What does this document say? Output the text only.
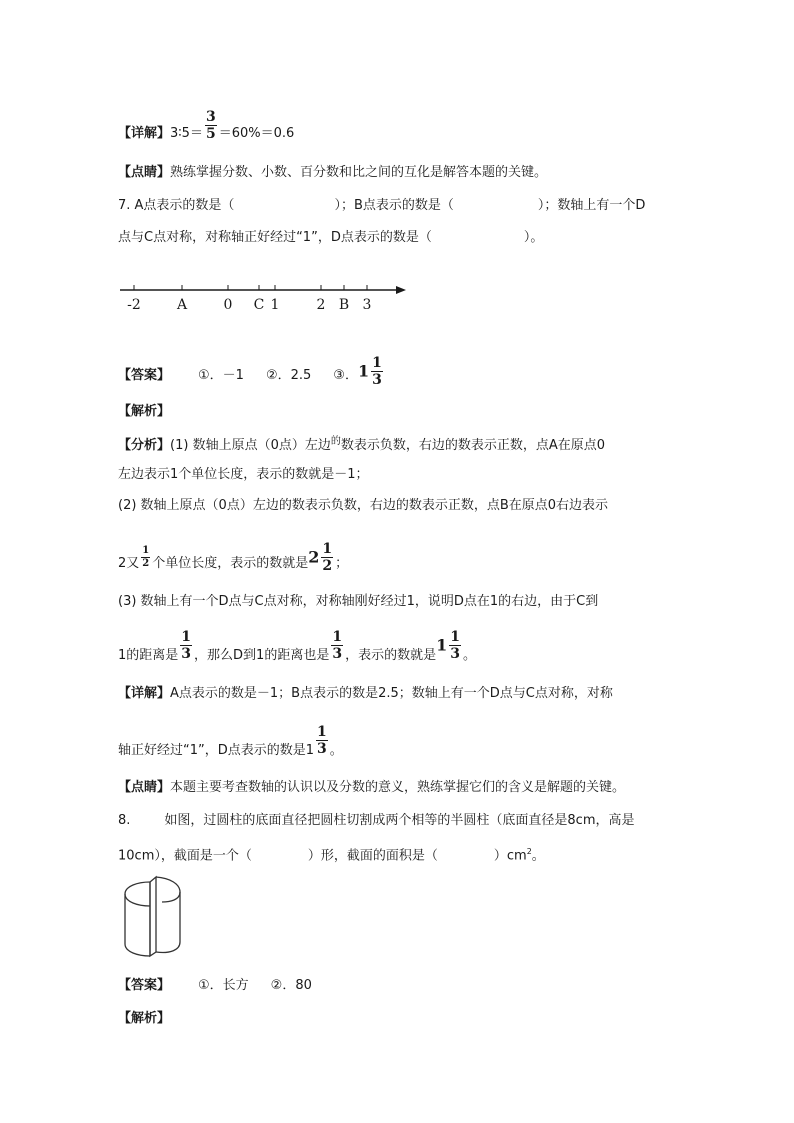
【详解】3∶5＝ $\frac{3}{5} =60\%=0.6$
【点睛】熟练掌握分数、小数、百分数和比之间的互化是解答本题的关键。
7. A点表示的数是（	）；B点表示的数是（	）；数轴上有一个D
点与C点对称，对称轴正好经过“1”，D点表示的数是（	）。
-2	A	0 C 1	2 B 3
【答案】 ①．－1 ②．2.5 ③．$1 \frac{1}{3}$
【解析】
【分析】(1) 数轴上原点（0点）左边$^的$数表示负数，右边的数表示正数，点A在原点0
左边表示1个单位长度，表示的数就是－1；
(2) 数轴上原点（0点）左边的数表示负数，右边的数表示正数，点B在原点0右边表示
2又 $\frac{1}{2}$ 个单位长度，表示的数就是$2 \frac{1}{2}$ ；
(3) 数轴上有一个D点与C点对称，对称轴刚好经过1，说明D点在1的右边，由于C到
1的距离是 $\frac{1}{3}$ ，那么D到1的距离也是 $\frac{1}{3}$ ，表示的数就是$1 \frac{1}{3}$ 。
【详解】A点表示的数是－1；B点表示的数是2.5；数轴上有一个D点与C点对称，对称
轴正好经过“1”，D点表示的数是$1 \frac{1}{3}$ 。
【点睛】本题主要考查数轴的认识以及分数的意义，熟练掌握它们的含义是解题的关键。
8.	如图，过圆柱的底面直径把圆柱切割成两个相等的半圆柱（底面直径是8cm，高是
10cm），截面是一个（	）形，截面的面积是（	）$cm^2$。
【答案】 ①．长方 ②．80
【解析】
